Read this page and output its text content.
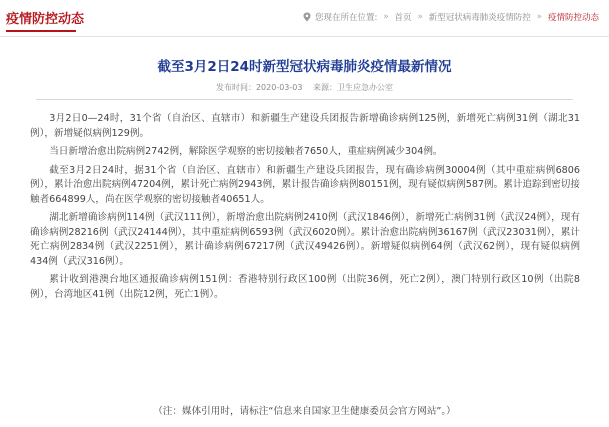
疫情防控动态	您现在所在位置: » 首页 » 新型冠状病毒肺炎疫情防控 » 疫情防控动态
截至3月2日24时新型冠状病毒肺炎疫情最新情况
发布时间：2020-03-03 来源：卫生应急办公室

3月2日0—24时，31个省（自治区、直辖市）和新疆生产建设兵团报告新增确诊病例125例，新增死亡病例31例（湖北31例），新增疑似病例129例。

当日新增治愈出院病例2742例，解除医学观察的密切接触者7650人，重症病例减少304例。

截至3月2日24时，据31个省（自治区、直辖市）和新疆生产建设兵团报告，现有确诊病例30004例（其中重症病例6806例），累计治愈出院病例47204例，累计死亡病例2943例，累计报告确诊病例80151例，现有疑似病例587例。累计追踪到密切接触者664899人，尚在医学观察的密切接触者40651人。

湖北新增确诊病例114例（武汉111例），新增治愈出院病例2410例（武汉1846例），新增死亡病例31例（武汉24例），现有确诊病例28216例（武汉24144例），其中重症病例6593例（武汉6020例）。累计治愈出院病例36167例（武汉23031例），累计死亡病例2834例（武汉2251例），累计确诊病例67217例（武汉49426例）。新增疑似病例64例（武汉62例），现有疑似病例434例（武汉316例）。

累计收到港澳台地区通报确诊病例151例：香港特别行政区100例（出院36例，死亡2例），澳门特别行政区10例（出院8例），台湾地区41例（出院12例，死亡1例）。

（注：媒体引用时，请标注“信息来自国家卫生健康委员会官方网站”。）
